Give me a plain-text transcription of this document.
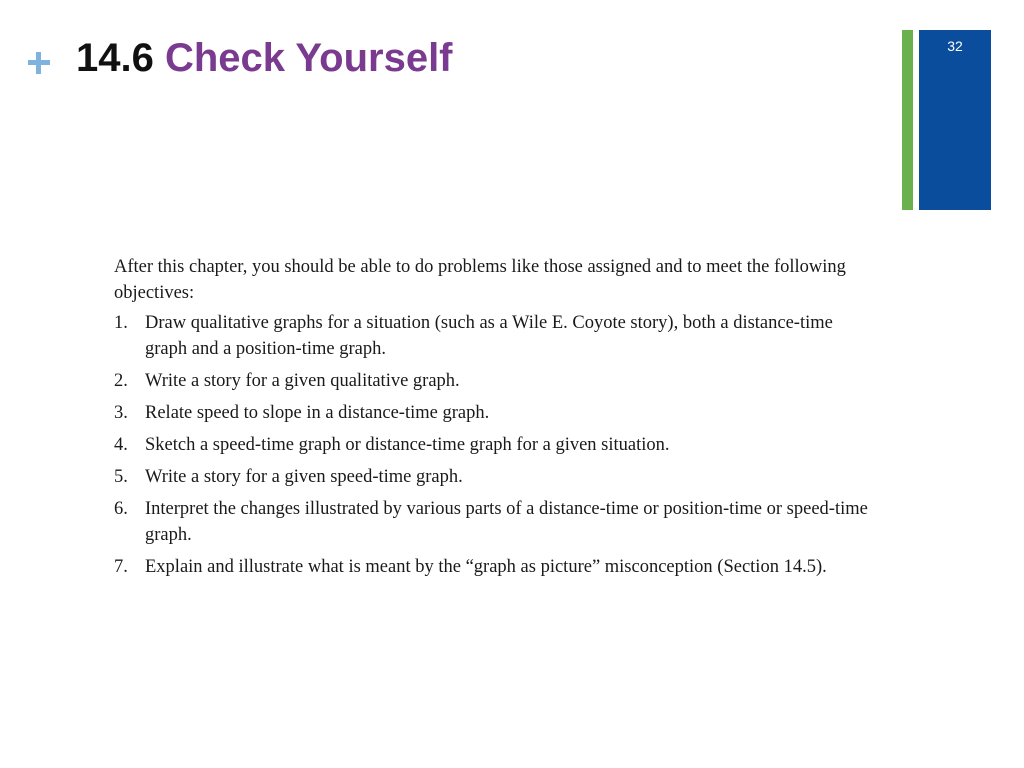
14.6 Check Yourself	32

After this chapter, you should be able to do problems like those assigned and to meet the following objectives:

1. Draw qualitative graphs for a situation (such as a Wile E. Coyote story), both a distance-time graph and a position-time graph.
2. Write a story for a given qualitative graph.
3. Relate speed to slope in a distance-time graph.
4. Sketch a speed-time graph or distance-time graph for a given situation.
5. Write a story for a given speed-time graph.
6. Interpret the changes illustrated by various parts of a distance-time or position-time or speed-time graph.
7. Explain and illustrate what is meant by the “graph as picture” misconception (Section 14.5).
